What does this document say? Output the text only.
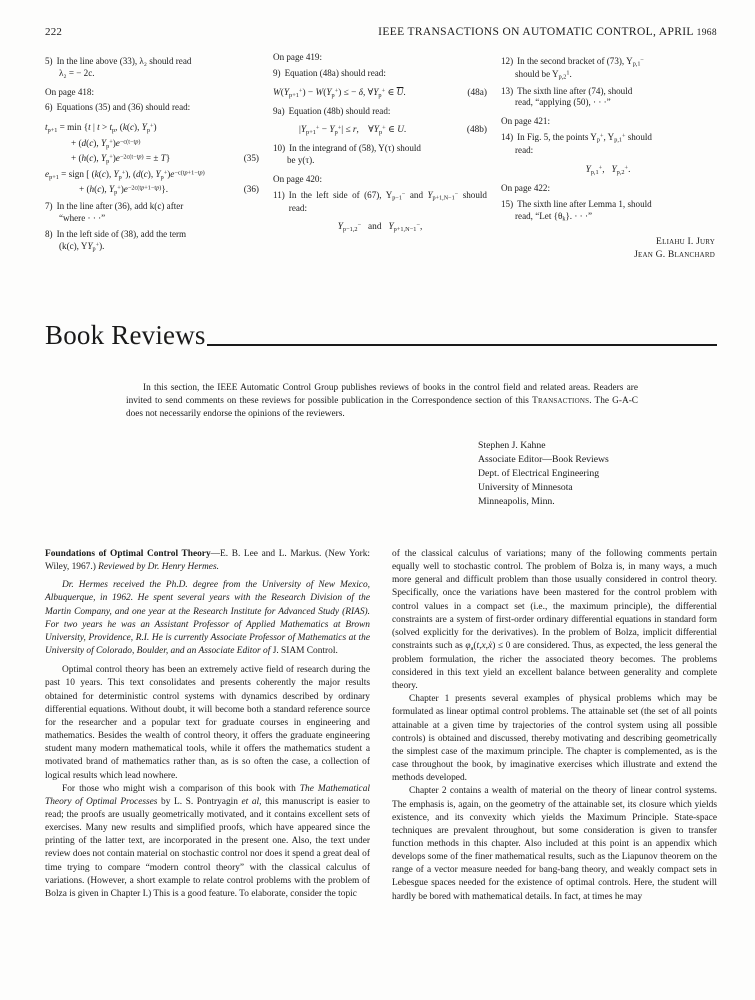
222	IEEE TRANSACTIONS ON AUTOMATIC CONTROL, APRIL 1968
5) In the line above (33), λ₂ should read
λ₂ = − 2c.
On page 418:
6) Equations (35) and (36) should read:
$t_{p+1} = \min \{t$ | $t > t_p$, (k(c), $Y_p^+$)
+ (d(c), $Y_p^+)e^{-c(t-tp)}$
+ (h(c), $Y_p^+)e^{-2c(t-tp)}$ = ± T}	(35)
$e_{p+1}$ = sign [ (k(c), $Y_p^+$), (d(c), $Y_p^+)e^{-c(tp+1-tp)}$
+ (h(c), $Y_p^+)e^{-2c(tp+1-tp)}$}.	(36)
7) In the line after (36), add k(c) after
“where · · ·”
8) In the left side of (38), add the term
(k(c), $YY_p^+$).
On page 419:
9) Equation (48a) should read:
$W(Y_{p+1}^+) - W(Y_p^+)$ ≤ − δ, $\forall Y_p^+$ ∈ $\overline{U}$.	(48a)
9a) Equation (48b) should read:
$|Y_{p+1}^+ - Y_p^+| \le r$,    $\forall Y_p^+$ ∈ U.	(48b)
10) In the integrand of (58), Y(τ) should
be y(τ).
On page 420:
11) In the left side of (67), $Y_{p-1}^-$ and $Y_{p+1,N-1}^-$ should read:
$Y_{p-1,2}^-$ and $Y_{p+1,N-1}^-$,
12) In the second bracket of (73), $Y_{p,1}^-$
should be $Y_{p,2}^1$.
13) The sixth line after (74), should
read, “applying (50), · · ·”
On page 421:
14) In Fig. 5, the points $Y_p^+$, $Y_{p,1}^+$ should
read:
$Y_{p,1}^+$,   $Y_{p,2}^+$.
On page 422:
15) The sixth line after Lemma 1, should
read, “Let $\{\theta_k\}$. · · ·”
Eliahu I. Jury
Jean G. Blanchard
Book Reviews
In this section, the IEEE Automatic Control Group publishes reviews of books in the control field and related areas. Readers are invited to send comments on these reviews for possible publication in the Correspondence section of this Transactions. The G-A-C does not necessarily endorse the opinions of the reviewers.
Stephen J. Kahne
Associate Editor—Book Reviews
Dept. of Electrical Engineering
University of Minnesota
Minneapolis, Minn.
Foundations of Optimal Control Theory—E. B. Lee and L. Markus. (New York: Wiley, 1967.) Reviewed by Dr. Henry Hermes.
Dr. Hermes received the Ph.D. degree from the University of New Mexico, Albuquerque, in 1962. He spent several years with the Research Division of the Martin Company, and one year at the Research Institute for Advanced Study (RIAS). For two years he was an Assistant Professor of Applied Mathematics at Brown University, Providence, R.I. He is currently Associate Professor of Mathematics at the University of Colorado, Boulder, and an Associate Editor of J. SIAM Control.

Optimal control theory has been an extremely active field of research during the past 10 years. This text consolidates and presents coherently the major results obtained for deterministic control systems with dynamics described by ordinary differential equations. Without doubt, it will become both a standard reference source for the researcher and a popular text for graduate courses in engineering and mathematics. Besides the wealth of control theory, it offers the graduate engineering student many modern mathematical tools, while it offers the mathematics student a motivated brand of mathematics rather than, as is so often the case, a collection of logical results which lead nowhere.

For those who might wish a comparison of this book with The Mathematical Theory of Optimal Processes by L. S. Pontryagin et al, this manuscript is easier to read; the proofs are usually geometrically motivated, and it contains excellent sets of exercises. Many new results and simplified proofs, which have appeared since the printing of the latter text, are incorporated in the present one. Also, the text under review does not contain material on stochastic control nor does it spend a great deal of time trying to compare “modern control theory” with the classical calculus of variations. (However, a short example to relate control problems with the problem of Bolza is given in Chapter I.) This is a good feature. To elaborate, consider the topic

of the classical calculus of variations; many of the following comments pertain equally well to stochastic control. The problem of Bolza is, in many ways, a much more general and difficult problem than those usually considered in control theory. Specifically, once the variations have been mastered for the control problem with control values in a compact set (i.e., the maximum principle), the differential constraints are a system of first-order ordinary differential equations in standard form (solved explicitly for the derivatives). In the problem of Bolza, implicit differential constraints such as $\varphi_a(t,x,ẋ) \le 0$ are considered. Thus, as expected, the less general the problem formulation, the richer the associated theory becomes. The problems considered in this text yield an excellent balance between generality and complete theory.

Chapter 1 presents several examples of physical problems which may be formulated as linear optimal control problems. The attainable set (the set of all points attainable at a given time by trajectories of the control system using all possible controls) is obtained and discussed, thereby motivating and describing geometrically the simplest case of the maximum principle. The chapter is complemented, as is the case throughout the book, by imaginative exercises which illustrate and extend the methods developed.

Chapter 2 contains a wealth of material on the theory of linear control systems. The emphasis is, again, on the geometry of the attainable set, its closure which yields existence, and its convexity which yields the Maximum Principle. State-space techniques are prevalent throughout, but some consideration is given to transfer function methods in this chapter. Also included at this point is an appendix which develops some of the finer mathematical results, such as the Liapunov theorem on the range of a vector measure needed for bang-bang theory, and weakly compact sets in Lebesgue spaces needed for the existence of optimal controls. Here, the student will hardly be bored with mathematical details. In fact, at times he may
